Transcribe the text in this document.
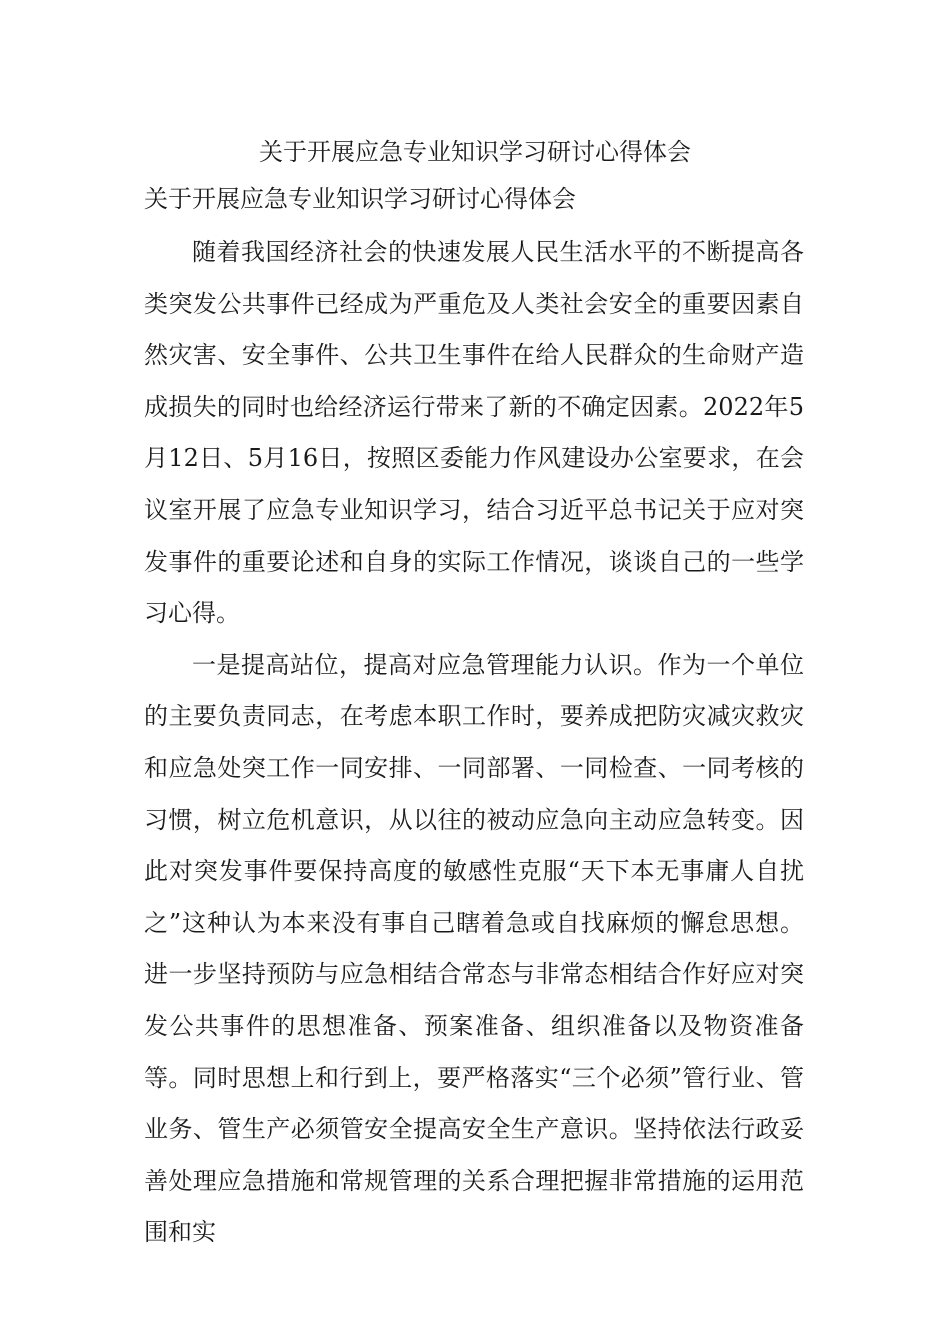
关于开展应急专业知识学习研讨心得体会
关于开展应急专业知识学习研讨心得体会

随着我国经济社会的快速发展人民生活水平的不断提高各类突发公共事件已经成为严重危及人类社会安全的重要因素自然灾害、安全事件、公共卫生事件在给人民群众的生命财产造成损失的同时也给经济运行带来了新的不确定因素。2022年5月12日、5月16日，按照区委能力作风建设办公室要求，在会议室开展了应急专业知识学习，结合习近平总书记关于应对突发事件的重要论述和自身的实际工作情况，谈谈自己的一些学习心得。

一是提高站位，提高对应急管理能力认识。作为一个单位的主要负责同志，在考虑本职工作时，要养成把防灾减灾救灾和应急处突工作一同安排、一同部署、一同检查、一同考核的习惯，树立危机意识，从以往的被动应急向主动应急转变。因此对突发事件要保持高度的敏感性克服“天下本无事庸人自扰之”这种认为本来没有事自己瞎着急或自找麻烦的懈怠思想。进一步坚持预防与应急相结合常态与非常态相结合作好应对突发公共事件的思想准备、预案准备、组织准备以及物资准备等。同时思想上和行到上，要严格落实“三个必须”管行业、管业务、管生产必须管安全提高安全生产意识。坚持依法行政妥善处理应急措施和常规管理的关系合理把握非常措施的运用范围和实
